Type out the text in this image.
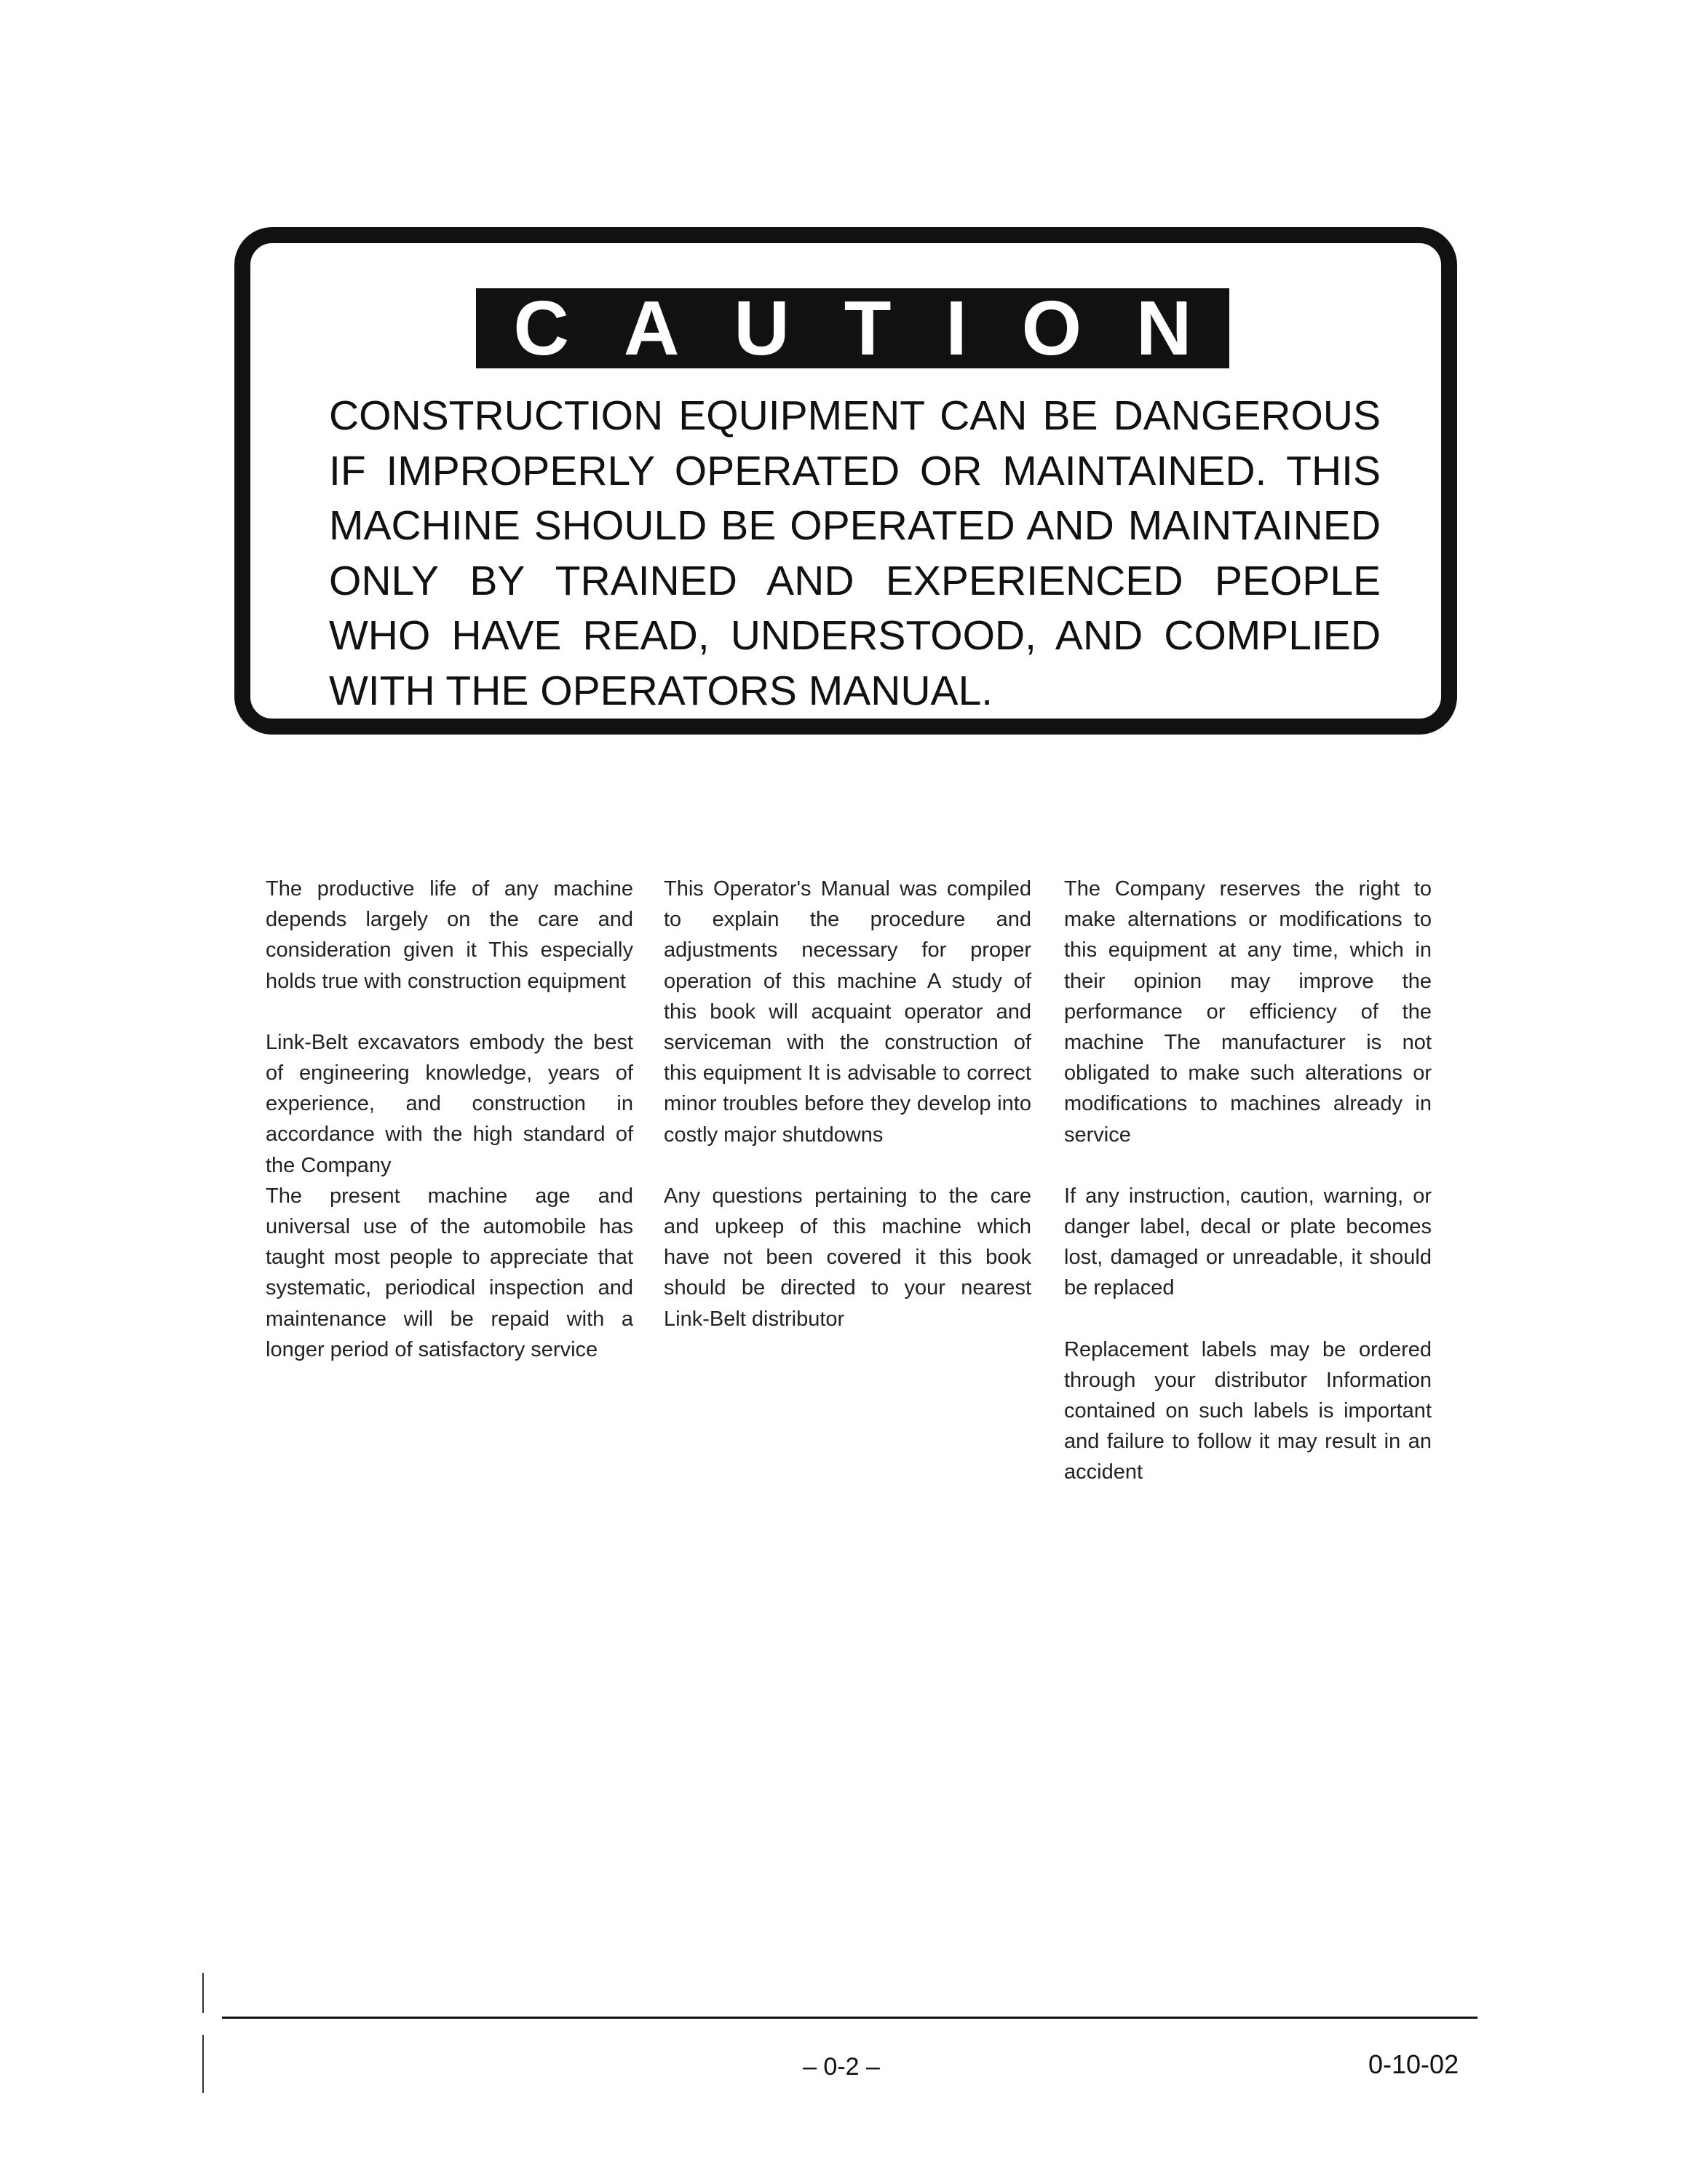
C A U T I O N

CONSTRUCTION EQUIPMENT CAN BE DANGEROUS IF IMPROPERLY OPERATED OR MAINTAINED. THIS MACHINE SHOULD BE OPERATED AND MAINTAINED ONLY BY TRAINED AND EXPERIENCED PEOPLE WHO HAVE READ, UNDERSTOOD, AND COMPLIED WITH THE OPERATORS MANUAL.

The productive life of any machine depends largely on the care and consideration given it This especially holds true with construction equipment

Link-Belt excavators embody the best of engineering knowledge, years of experience, and construction in accordance with the high standard of the Company

The present machine age and universal use of the automobile has taught most people to appreciate that systematic, periodical inspection and maintenance will be repaid with a longer period of satisfactory service

This Operator's Manual was compiled to explain the procedure and adjustments necessary for proper operation of this machine A study of this book will acquaint operator and serviceman with the construction of this equipment It is advisable to correct minor troubles before they develop into costly major shutdowns

Any questions pertaining to the care and upkeep of this machine which have not been covered it this book should be directed to your nearest Link-Belt distributor

The Company reserves the right to make alternations or modifications to this equipment at any time, which in their opinion may improve the performance or efficiency of the machine The manufacturer is not obligated to make such alterations or modifications to machines already in service

If any instruction, caution, warning, or danger label, decal or plate becomes lost, damaged or unreadable, it should be replaced

Replacement labels may be ordered through your distributor Information contained on such labels is important and failure to follow it may result in an accident

– 0-2 –	0-10-02
